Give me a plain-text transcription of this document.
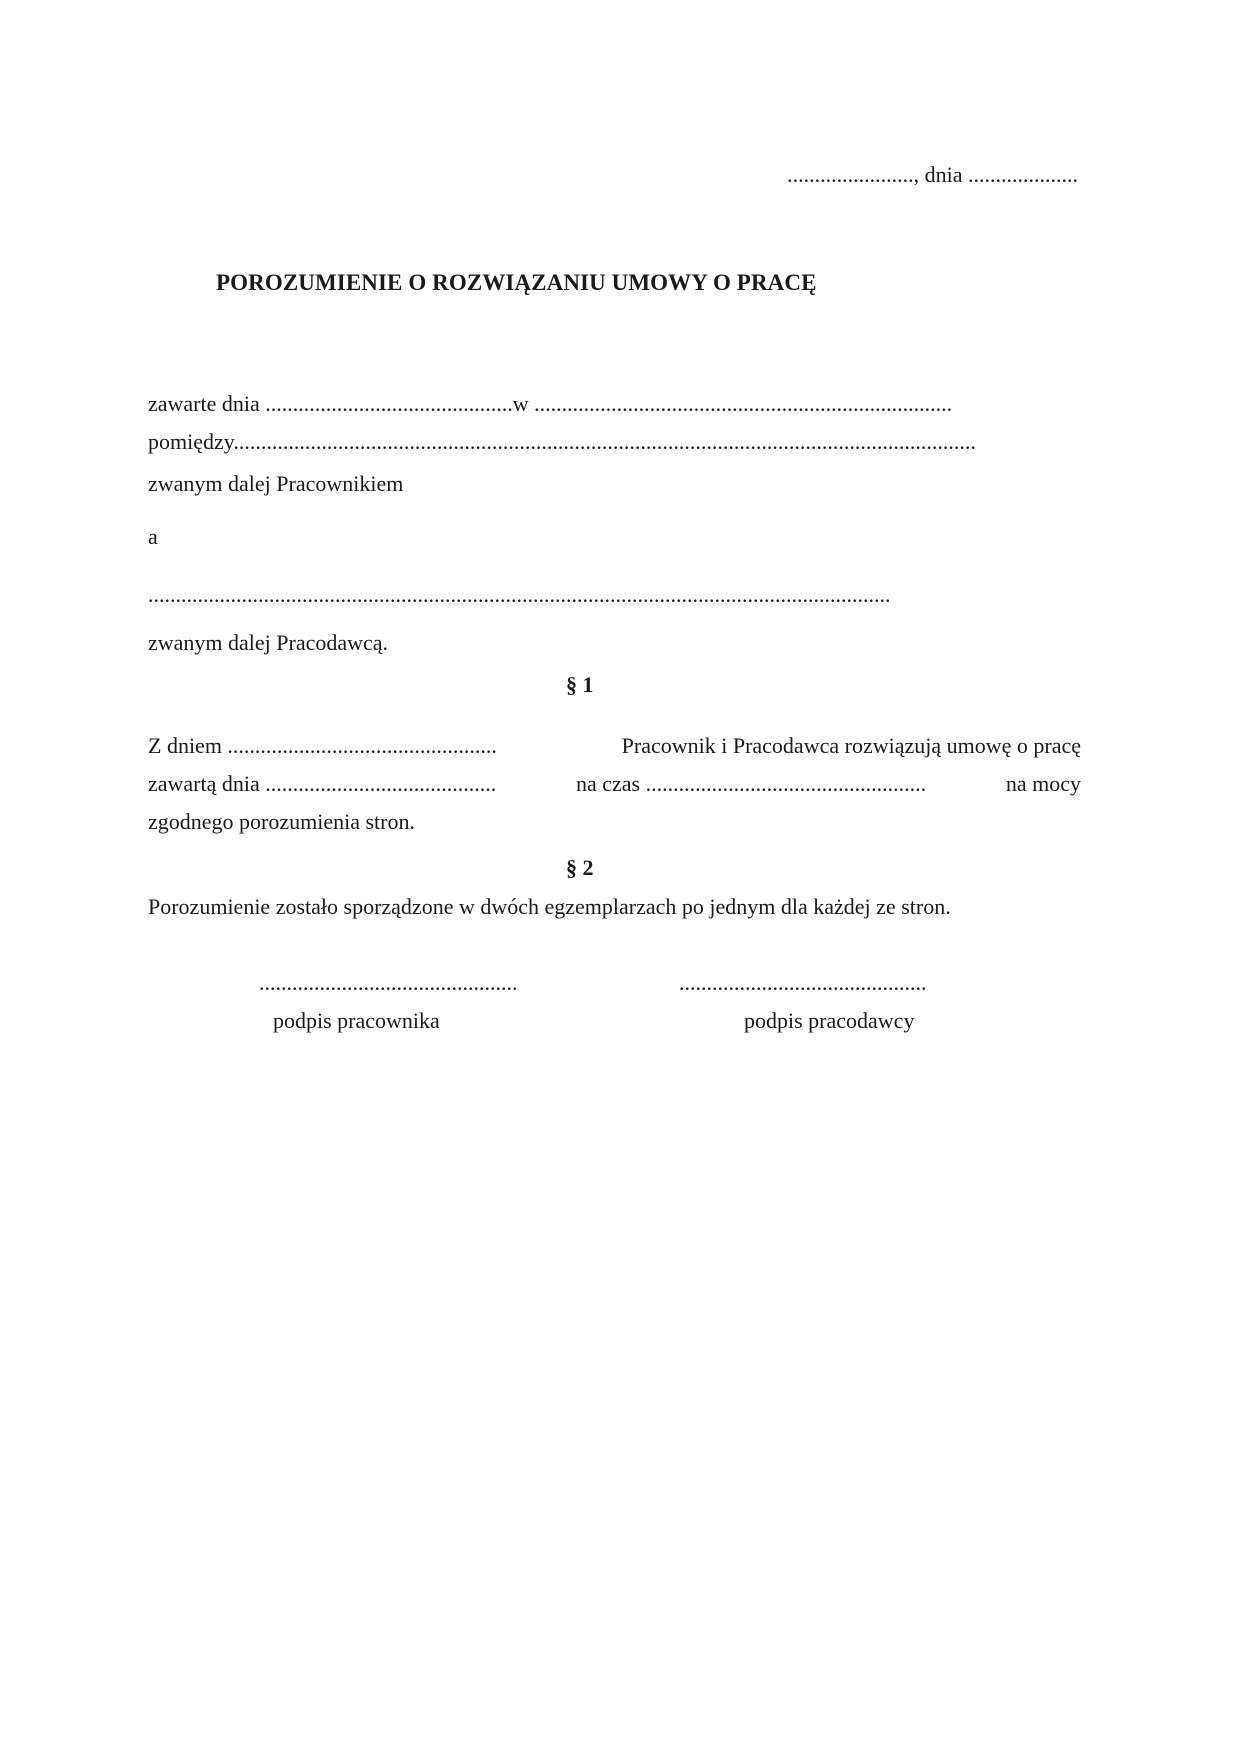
......................., dnia ....................
POROZUMIENIE O ROZWIĄZANIU UMOWY O PRACĘ
zawarte dnia .............................................w ............................................................................
pomiędzy.......................................................................................................................................
zwanym dalej Pracownikiem
a
.......................................................................................................................................
zwanym dalej Pracodawcą.
§ 1
Z dniem .................................................	Pracownik i Pracodawca rozwiązują umowę o pracę
zawartą dnia ..........................................	na czas ...................................................	na mocy
zgodnego porozumienia stron.
§ 2
Porozumienie zostało sporządzone w dwóch egzemplarzach po jednym dla każdej ze stron.
...............................................	.............................................
podpis pracownika	podpis pracodawcy
